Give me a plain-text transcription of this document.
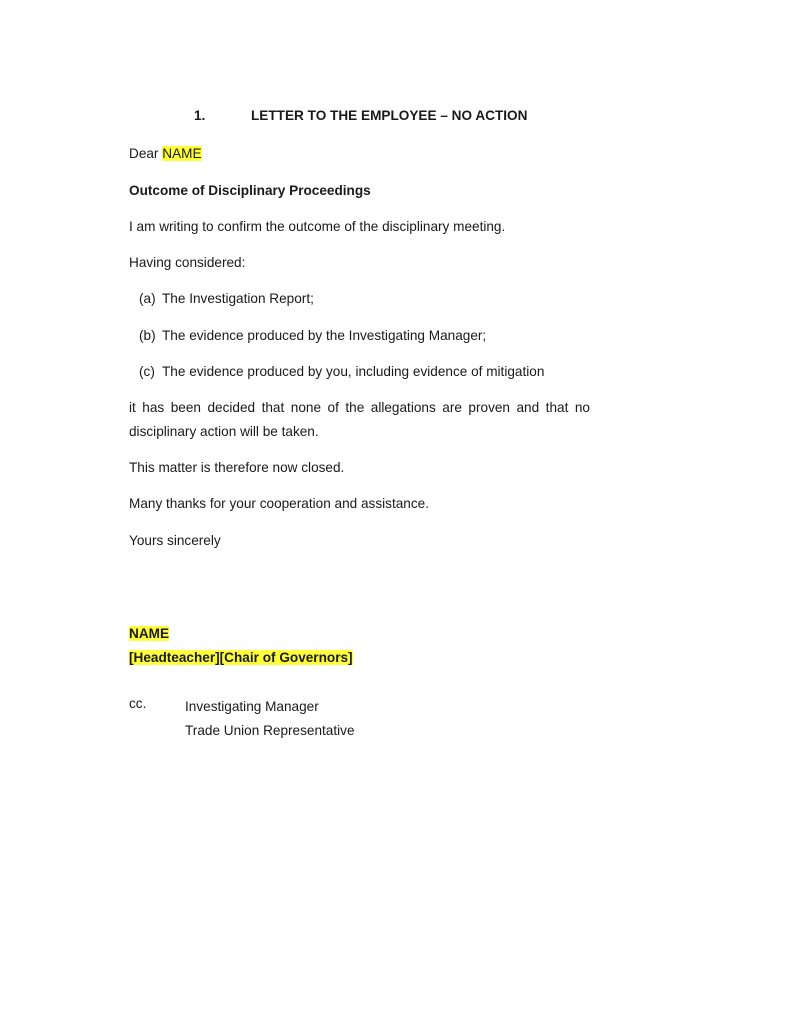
1.	LETTER TO THE EMPLOYEE – NO ACTION
Dear NAME
Outcome of Disciplinary Proceedings
I am writing to confirm the outcome of the disciplinary meeting.
Having considered:
(a) The Investigation Report;
(b) The evidence produced by the Investigating Manager;
(c) The evidence produced by you, including evidence of mitigation
it has been decided that none of the allegations are proven and that no disciplinary action will be taken.
This matter is therefore now closed.
Many thanks for your cooperation and assistance.
Yours sincerely
NAME
[Headteacher][Chair of Governors]
cc.	Investigating Manager
Trade Union Representative
